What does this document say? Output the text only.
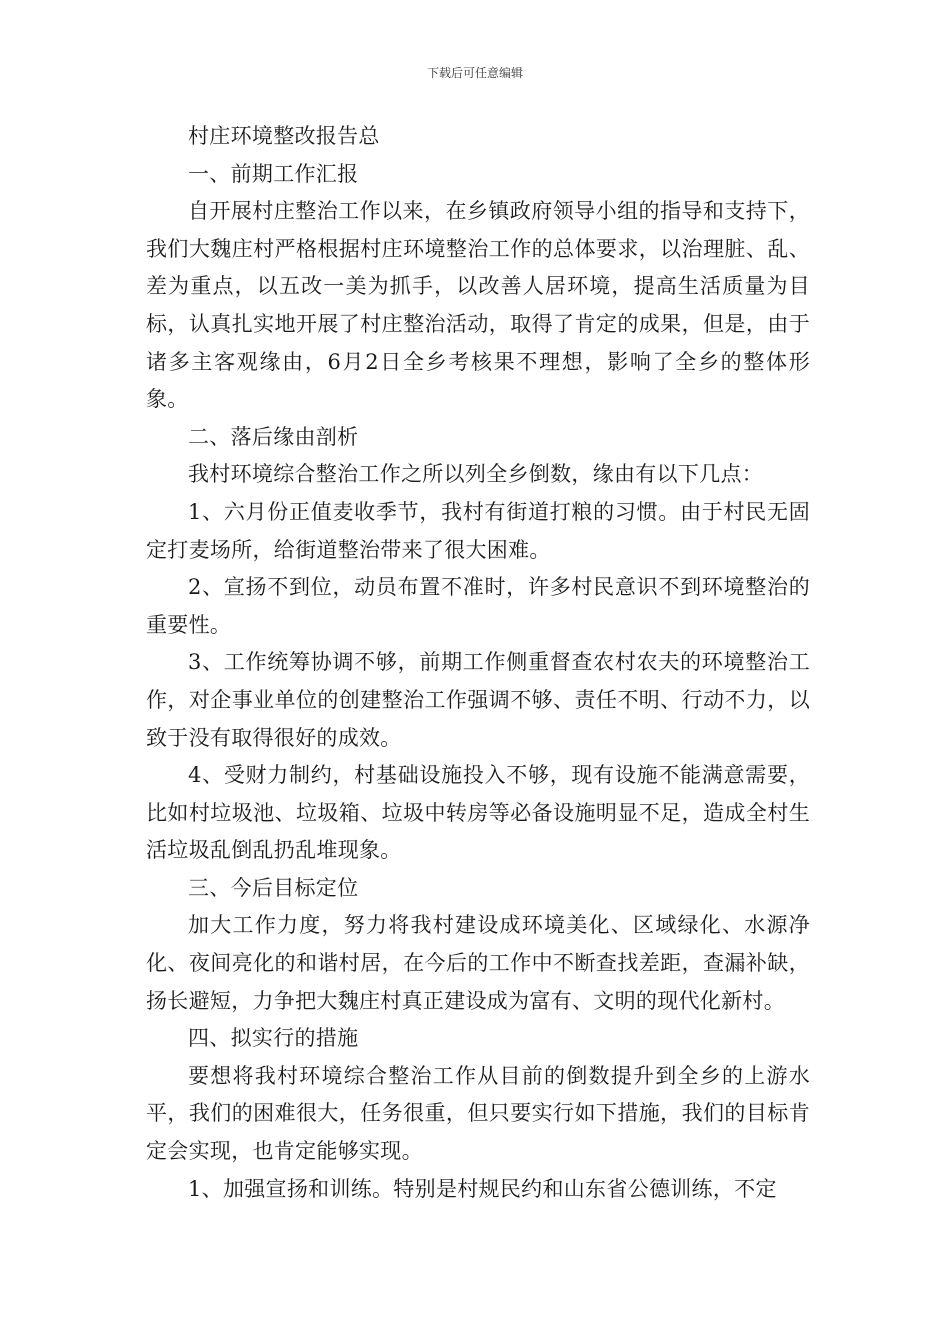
下载后可任意编辑

村庄环境整改报告总

一、前期工作汇报

自开展村庄整治工作以来，在乡镇政府领导小组的指导和支持下，我们大魏庄村严格根据村庄环境整治工作的总体要求，以治理脏、乱、差为重点，以五改一美为抓手，以改善人居环境，提高生活质量为目标，认真扎实地开展了村庄整治活动，取得了肯定的成果，但是，由于诸多主客观缘由，6月2日全乡考核果不理想，影响了全乡的整体形象。

二、落后缘由剖析

我村环境综合整治工作之所以列全乡倒数，缘由有以下几点：

1、六月份正值麦收季节，我村有街道打粮的习惯。由于村民无固定打麦场所，给街道整治带来了很大困难。

2、宣扬不到位，动员布置不准时，许多村民意识不到环境整治的重要性。

3、工作统筹协调不够，前期工作侧重督查农村农夫的环境整治工作，对企事业单位的创建整治工作强调不够、责任不明、行动不力，以致于没有取得很好的成效。

4、受财力制约，村基础设施投入不够，现有设施不能满意需要，比如村垃圾池、垃圾箱、垃圾中转房等必备设施明显不足，造成全村生活垃圾乱倒乱扔乱堆现象。

三、今后目标定位

加大工作力度，努力将我村建设成环境美化、区域绿化、水源净化、夜间亮化的和谐村居，在今后的工作中不断查找差距，查漏补缺，扬长避短，力争把大魏庄村真正建设成为富有、文明的现代化新村。

四、拟实行的措施

要想将我村环境综合整治工作从目前的倒数提升到全乡的上游水平，我们的困难很大，任务很重，但只要实行如下措施，我们的目标肯定会实现，也肯定能够实现。

1、加强宣扬和训练。特别是村规民约和山东省公德训练，不定
